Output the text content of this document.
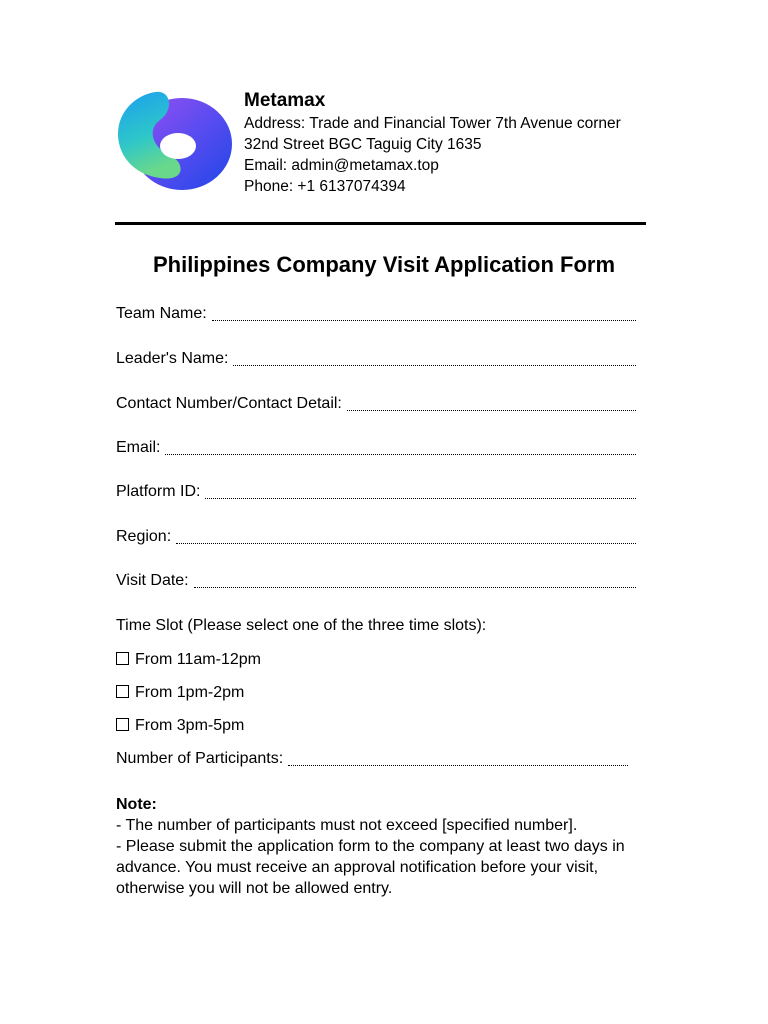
Metamax
Address: Trade and Financial Tower 7th Avenue corner
32nd Street BGC Taguig City 1635
Email: admin@metamax.top
Phone: +1 6137074394
Philippines Company Visit Application Form
Team Name:
Leader's Name:
Contact Number/Contact Detail:
Email:
Platform ID:
Region:
Visit Date:
Time Slot (Please select one of the three time slots):
From 11am-12pm
From 1pm-2pm
From 3pm-5pm
Number of Participants:
Note:
- The number of participants must not exceed [specified number].
- Please submit the application form to the company at least two days in advance. You must receive an approval notification before your visit, otherwise you will not be allowed entry.
